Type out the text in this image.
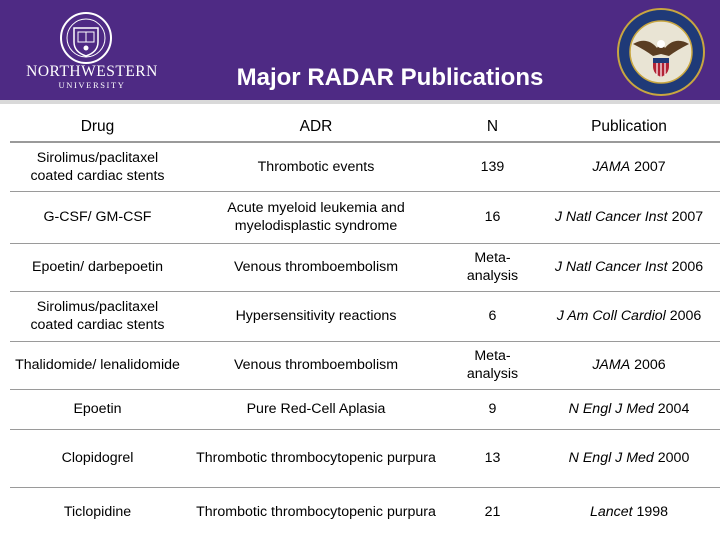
NORTHWESTERN
UNIVERSITY	Major RADAR Publications
Drug	ADR	N	Publication
Sirolimus/paclitaxel coated cardiac stents	Thrombotic events	139	JAMA 2007
G-CSF/ GM-CSF	Acute myeloid leukemia and myelodisplastic syndrome	16	J Natl Cancer Inst 2007
Epoetin/ darbepoetin	Venous thromboembolism	Meta-analysis	J Natl Cancer Inst 2006
Sirolimus/paclitaxel coated cardiac stents	Hypersensitivity reactions	6	J Am Coll Cardiol 2006
Thalidomide/ lenalidomide	Venous thromboembolism	Meta-analysis	JAMA 2006
Epoetin	Pure Red-Cell Aplasia	9	N Engl J Med 2004
Clopidogrel	Thrombotic thrombocytopenic purpura	13	N Engl J Med 2000
Ticlopidine	Thrombotic thrombocytopenic purpura	21	Lancet 1998
